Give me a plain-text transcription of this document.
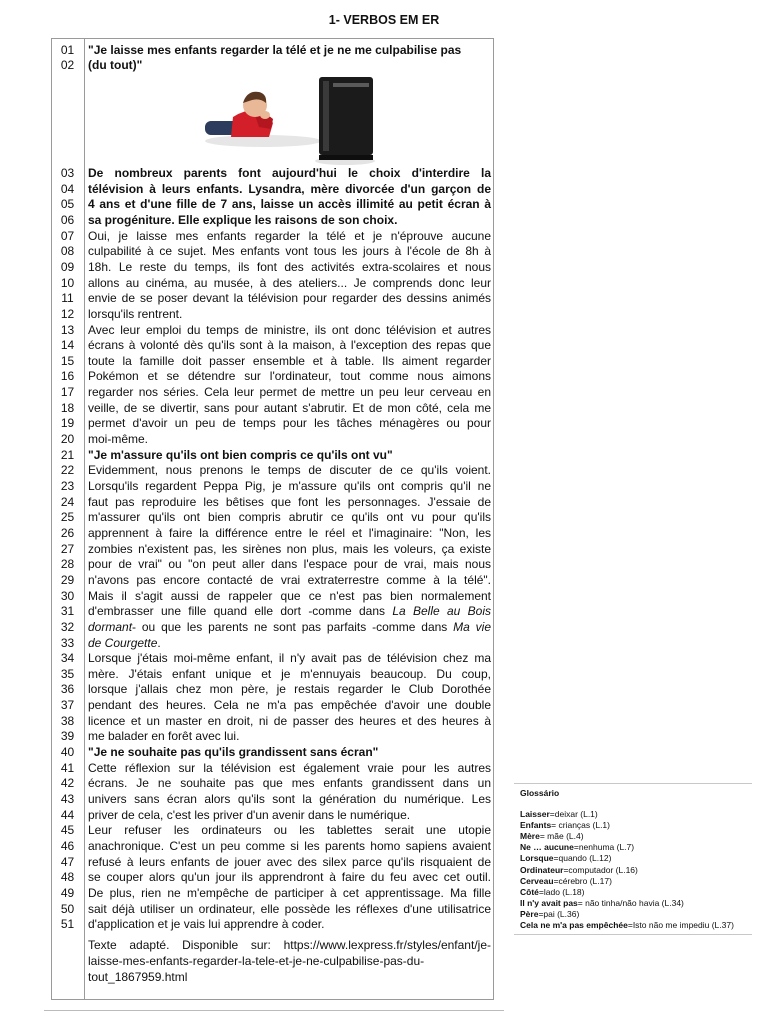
1- VERBOS EM ER
01	"Je laisse mes enfants regarder la télé et je ne me culpabilise pas
02	(du tout)"
03	De nombreux parents font aujourd'hui le choix d'interdire la
04	télévision à leurs enfants. Lysandra, mère divorcée d'un garçon de
05	4 ans et d'une fille de 7 ans, laisse un accès illimité au petit écran à
06	sa progéniture. Elle explique les raisons de son choix.
07	Oui, je laisse mes enfants regarder la télé et je n'éprouve aucune
08	culpabilité à ce sujet. Mes enfants vont tous les jours à l'école de 8h à
09	18h. Le reste du temps, ils font des activités extra-scolaires et nous
10	allons au cinéma, au musée, à des ateliers... Je comprends donc leur
11	envie de se poser devant la télévision pour regarder des dessins animés
12	lorsqu'ils rentrent.
13	Avec leur emploi du temps de ministre, ils ont donc télévision et autres
14	écrans à volonté dès qu'ils sont à la maison, à l'exception des repas que
15	toute la famille doit passer ensemble et à table. Ils aiment regarder
16	Pokémon et se détendre sur l'ordinateur, tout comme nous aimons
17	regarder nos séries. Cela leur permet de mettre un peu leur cerveau en
18	veille, de se divertir, sans pour autant s'abrutir. Et de mon côté, cela me
19	permet d'avoir un peu de temps pour les tâches ménagères ou pour
20	moi-même.
21	"Je m'assure qu'ils ont bien compris ce qu'ils ont vu"
22	Evidemment, nous prenons le temps de discuter de ce qu'ils voient.
23	Lorsqu'ils regardent Peppa Pig, je m'assure qu'ils ont compris qu'il ne
24	faut pas reproduire les bêtises que font les personnages. J'essaie de
25	m'assurer qu'ils ont bien compris abrutir ce qu'ils ont vu pour qu'ils
26	apprennent à faire la différence entre le réel et l'imaginaire: "Non, les
27	zombies n'existent pas, les sirènes non plus, mais les voleurs, ça existe
28	pour de vrai" ou "on peut aller dans l'espace pour de vrai, mais nous
29	n'avons pas encore contacté de vrai extraterrestre comme à la télé".
30	Mais il s'agit aussi de rappeler que ce n'est pas bien normalement
31	d'embrasser une fille quand elle dort -comme dans La Belle au Bois
32	dormant- ou que les parents ne sont pas parfaits -comme dans Ma vie
33	de Courgette.
34	Lorsque j'étais moi-même enfant, il n'y avait pas de télévision chez ma
35	mère. J'étais enfant unique et je m'ennuyais beaucoup. Du coup,
36	lorsque j'allais chez mon père, je restais regarder le Club Dorothée
37	pendant des heures. Cela ne m'a pas empêchée d'avoir une double
38	licence et un master en droit, ni de passer des heures et des heures à
39	me balader en forêt avec lui.
40	"Je ne souhaite pas qu'ils grandissent sans écran"
41	Cette réflexion sur la télévision est également vraie pour les autres
42	écrans. Je ne souhaite pas que mes enfants grandissent dans un
43	univers sans écran alors qu'ils sont la génération du numérique. Les
44	priver de cela, c'est les priver d'un avenir dans le numérique.
45	Leur refuser les ordinateurs ou les tablettes serait une utopie
46	anachronique. C'est un peu comme si les parents homo sapiens avaient
47	refusé à leurs enfants de jouer avec des silex parce qu'ils risquaient de
48	se couper alors qu'un jour ils apprendront à faire du feu avec cet outil.
49	De plus, rien ne m'empêche de participer à cet apprentissage. Ma fille
50	sait déjà utiliser un ordinateur, elle possède les réflexes d'une utilisatrice
51	d'application et je vais lui apprendre à coder.
Texte adapté. Disponible sur: https://www.lexpress.fr/styles/enfant/je-
laisse-mes-enfants-regarder-la-tele-et-je-ne-culpabilise-pas-du-
tout_1867959.html
Glossário
Laisser=deixar (L.1)
Enfants= crianças (L.1)
Mère= mãe (L.4)
Ne … aucune=nenhuma (L.7)
Lorsque=quando (L.12)
Ordinateur=computador (L.16)
Cerveau=cérebro (L.17)
Côté=lado (L.18)
Il n'y avait pas= não tinha/não havia (L.34)
Père=pai (L.36)
Cela ne m'a pas empêchée=Isto não me impediu (L.37)
